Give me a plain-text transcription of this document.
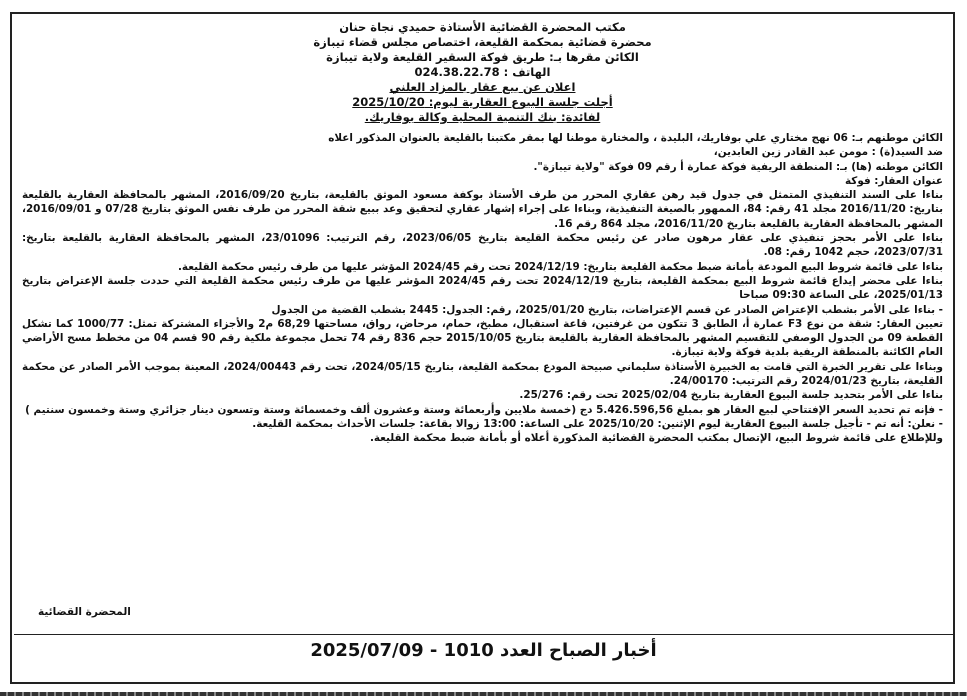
مكتب المحضرة القضائية الأستاذة حميدي نجاة حنان
محضرة قضائية بمحكمة القليعة، اختصاص مجلس قضاء تيبازة
الكائن مقرها بـ: طريق فوكة السقير القليعة ولاية تيبازة
الهاتف : 024.38.22.78
اعلان عن بيع عقار بالمزاد العلني
أجلت جلسة البيوع العقارية ليوم: 2025/10/20
لفائدة: بنك التنمية المحلية وكالة بوفاريك.

الكائن موطنهم بـ: 06 نهج مختاري علي بوفاريك، البليدة ، والمختارة موطنا لها بمقر مكتبنا بالقليعة بالعنوان المذكور اعلاه

ضد السيد(ة) : مومن عبد القادر زين العابدين،

الكائن موطنه (ها) بـ: المنطقة الريفية فوكة عمارة أ رقم 09 فوكة "ولاية تيبازة".

عنوان العقار: فوكة

بناءا على السند التنفيذي المتمثل في جدول قيد رهن عقاري المحرر من طرف الأستاذ بوكفة مسعود الموثق بالقليعة، بتاريخ 2016/09/20، المشهر بالمحافظة العقارية بالقليعة بتاريخ: 2016/11/20 مجلد 41 رقم: 84، الممهور بالصيغة التنفيذية، وبناءا على إجراء إشهار عقاري لتحقيق وعد ببيع شقة المحرر من طرف نفس الموثق بتاريخ 07/28 و 2016/09/01، المشهر بالمحافظة العقارية بالقليعة بتاريخ 2016/11/20، مجلد 864 رقم 16.

بناءا على الأمر بحجز تنفيذي على عقار مرهون صادر عن رئيس محكمة القليعة بتاريخ 2023/06/05، رقم الترتيب: 23/01096، المشهر بالمحافظة العقارية بالقليعة بتاريخ: 2023/07/31، حجم 1042 رقم: 08.

بناءا على قائمة شروط البيع المودعة بأمانة ضبط محكمة القليعة بتاريخ: 2024/12/19 تحت رقم 2024/45 المؤشر عليها من طرف رئيس محكمة القليعة.

بناءا على محضر إيداع قائمة شروط البيع بمحكمة القليعة، بتاريخ 2024/12/19 تحت رقم 2024/45 المؤشر عليها من طرف رئيس محكمة القليعة التي حددت جلسة الإعتراض بتاريخ 2025/01/13، على الساعة 09:30 صباحا

- بناءا على الأمر بشطب الإعتراض الصادر عن قسم الإعتراضات، بتاريخ 2025/01/20، رقم: الجدول: 2445 بشطب القضية من الجدول

تعيين العقار: شقة من نوع F3 عمارة أ، الطابق 3 تتكون من غرفتين، قاعة استقبال، مطبخ، حمام، مرحاض، رواق، مساحتها 68,29 م2 والأجزاء المشتركة تمثل: 1000/77 كما تشكل القطعة 09 من الجدول الوصفي للتقسيم المشهر بالمحافظة العقارية بالقليعة بتاريخ 2015/10/05 حجم 836 رقم 74 تحمل مجموعة ملكية رقم 90 قسم 04 من مخطط مسح الأراضي العام الكائنة بالمنطقة الريفية بلدية فوكة ولاية تيبازة.

وبناءا على تقرير الخبرة التي قامت به الخبيرة الأستاذة سليماني صبيحة المودع بمحكمة القليعة، بتاريخ 2024/05/15، تحت رقم 2024/00443، المعينة بموجب الأمر الصادر عن محكمة القليعة، بتاريخ 2024/01/23 رقم الترتيب: 24/00170.

بناءا على الأمر بتحديد جلسة البيوع العقارية بتاريخ 2025/02/04 تحت رقم: 25/276.

- فإنه تم تحديد السعر الإفتتاحي لبيع العقار هو بمبلغ 5.426.596,56 دج (خمسة ملايين وأربعمائة وستة وعشرون ألف وخمسمائة وستة وتسعون دينار جزائري وستة وخمسون سنتيم )

- نعلن: أنه تم - تأجيل جلسة البيوع العقارية ليوم الإثنين: 2025/10/20 على الساعة: 13:00 زوالا بقاعة: جلسات الأحداث بمحكمة القليعة.

وللإطلاع على قائمة شروط البيع، الإتصال بمكتب المحضرة القضائية المذكورة أعلاه أو بأمانة ضبط محكمة القليعة.

المحضرة القضائية
أخبار الصباح العدد 1010 - 2025/07/09
